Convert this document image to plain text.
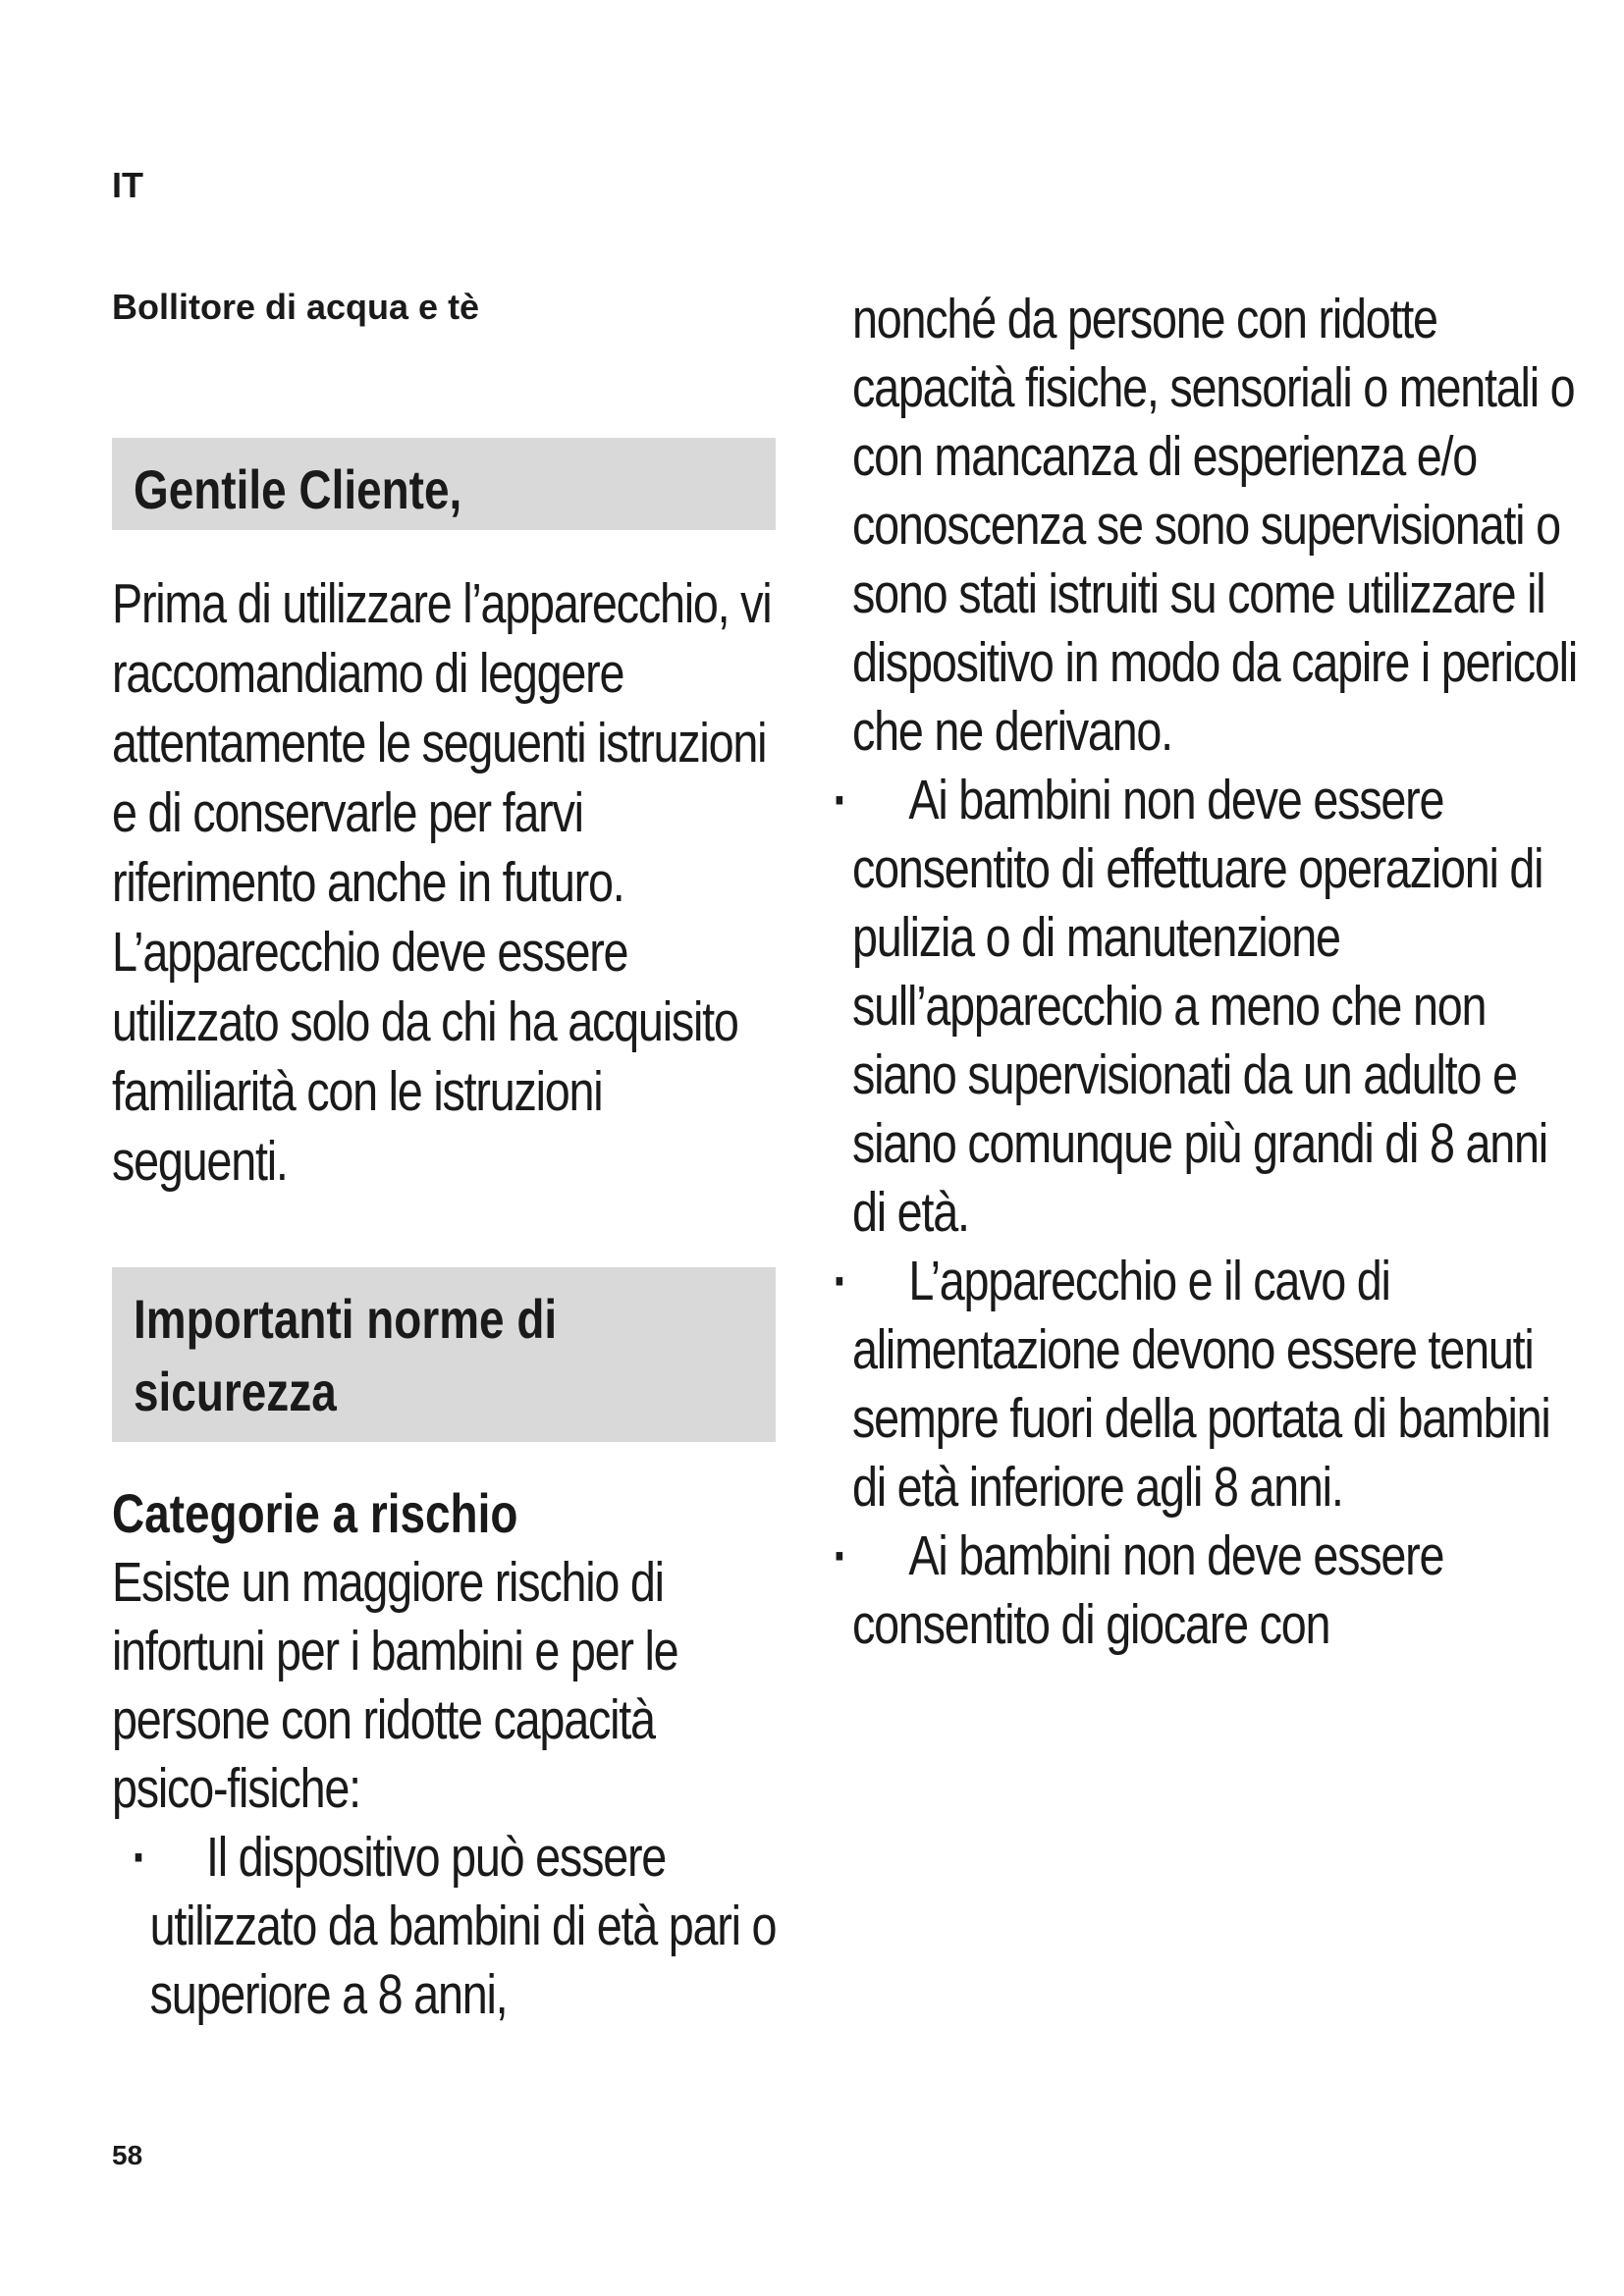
IT
Bollitore di acqua e tè
Gentile Cliente,
Prima di utilizzare l’apparecchio, vi raccomandiamo di leggere attentamente le seguenti istruzioni e di conservarle per farvi riferimento anche in futuro. L’apparecchio deve essere utilizzato solo da chi ha acquisito familiarità con le istruzioni seguenti.
Importanti norme di sicurezza
Categorie a rischio
Esiste un maggiore rischio di infortuni per i bambini e per le persone con ridotte capacità psico-fisiche:
·	Il dispositivo può essere utilizzato da bambini di età pari o superiore a 8 anni,
nonché da persone con ridotte capacità fisiche, sensoriali o mentali o con mancanza di esperienza e/o conoscenza se sono supervisionati o sono stati istruiti su come utilizzare il dispositivo in modo da capire i pericoli che ne derivano.
·	Ai bambini non deve essere consentito di effettuare operazioni di pulizia o di manutenzione sull’apparecchio a meno che non siano supervisionati da un adulto e siano comunque più grandi di 8 anni di età.
·	L’apparecchio e il cavo di alimentazione devono essere tenuti sempre fuori della portata di bambini di età inferiore agli 8 anni.
·	Ai bambini non deve essere consentito di giocare con
58
